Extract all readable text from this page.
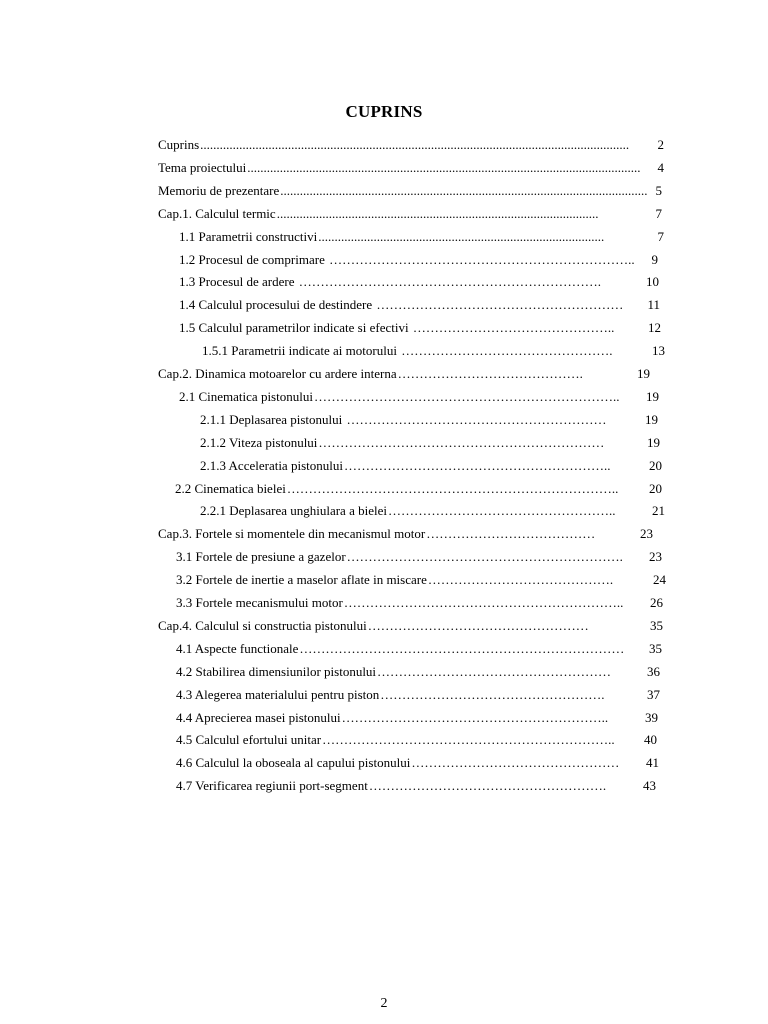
CUPRINS
Cuprins.................................................................................................................................... 2
Tema proiectului......................................................................................................................... 4
Memoriu de prezentare................................................................................................................. 5
Cap.1. Calculul termic...................................................................................................	7
1.1 Parametrii constructivi........................................................................................	7
1.2 Procesul de comprimare …………………………………………………………….. 9
1.3 Procesul de ardere …………………………………………………………….	10
1.4 Calculul procesului de destindere ………………………………………………… 11
1.5 Calculul parametrilor indicate si efectivi ………………………………………..	12
1.5.1 Parametrii indicate ai motorului ………………………………………….	13
Cap.2. Dinamica motoarelor cu ardere interna…………………………………….	19
2.1 Cinematica pistonului…………………………………………………………….. 19
2.1.1 Deplasarea pistonului ……………………………………………………	19
2.1.2 Viteza pistonului…………………………………………………………	19
2.1.3 Acceleratia pistonului……………………………………………………..	20
2.2 Cinematica bielei………………………………………………………………….. 20
2.2.1 Deplasarea unghiulara a bielei……………………………………………..	21
Cap.3. Fortele si momentele din mecanismul motor…………………………………	23
3.1 Fortele de presiune a gazelor………………………………………………………. 23
3.2 Fortele de inertie a maselor aflate in miscare…………………………………….	24
3.3 Fortele mecanismului motor……………………………………………………….. 26
Cap.4. Calculul si constructia pistonului……………………………………………	35
4.1 Aspecte functionale………………………………………………………………… 35
4.2 Stabilirea dimensiunilor pistonului………………………………………………	36
4.3 Alegerea materialului pentru piston…………………………………………….	37
4.4 Aprecierea masei pistonului……………………………………………………..	39
4.5 Calculul efortului unitar………………………………………………………….. 40
4.6 Calculul la oboseala al capului pistonului………………………………………… 41
4.7 Verificarea regiunii port-segment……………………………………………….	43
2
